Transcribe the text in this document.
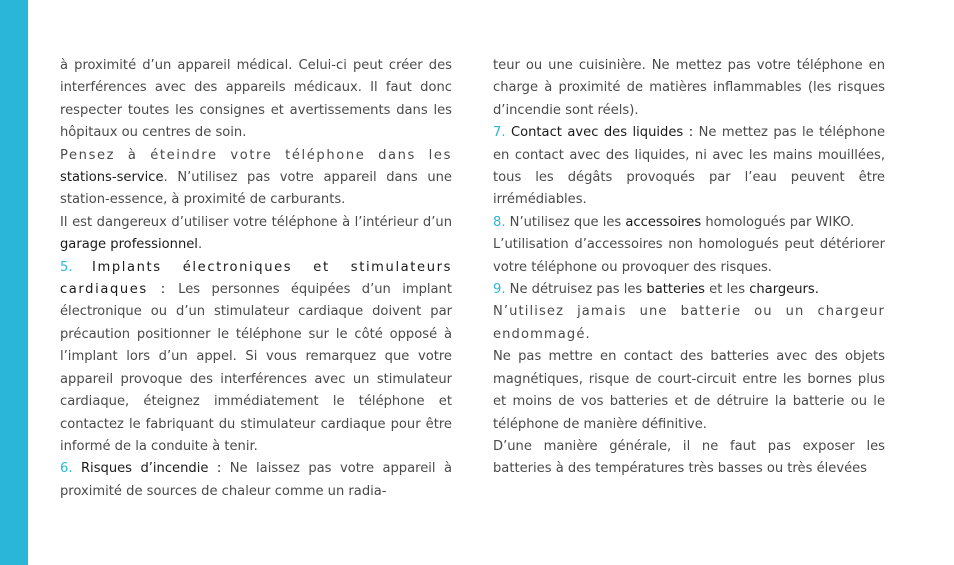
à proximité d’un appareil médical. Celui-ci peut créer des interférences avec des appareils médicaux. Il faut donc respecter toutes les consignes et avertissements dans les hôpitaux ou centres de soin.

Pensez à éteindre votre téléphone dans les stations-service. N’utilisez pas votre appareil dans une station-essence, à proximité de carburants.

Il est dangereux d’utiliser votre téléphone à l’intérieur d’un garage professionnel.

5. Implants électroniques et stimulateurs cardiaques : Les personnes équipées d’un implant électronique ou d’un stimulateur cardiaque doivent par précaution positionner le téléphone sur le côté opposé à l’implant lors d’un appel. Si vous remarquez que votre appareil provoque des interférences avec un stimulateur cardiaque, éteignez immédiatement le téléphone et contactez le fabriquant du stimulateur cardiaque pour être informé de la conduite à tenir.

6. Risques d’incendie : Ne laissez pas votre appareil à proximité de sources de chaleur comme un radia-

teur ou une cuisinière. Ne mettez pas votre téléphone en charge à proximité de matières inflammables (les risques d’incendie sont réels).

7. Contact avec des liquides : Ne mettez pas le téléphone en contact avec des liquides, ni avec les mains mouillées, tous les dégâts provoqués par l’eau peuvent être irrémédiables.

8. N’utilisez que les accessoires homologués par WIKO.

L’utilisation d’accessoires non homologués peut détériorer votre téléphone ou provoquer des risques.

9. Ne détruisez pas les batteries et les chargeurs.

N’utilisez jamais une batterie ou un chargeur endommagé.

Ne pas mettre en contact des batteries avec des objets magnétiques, risque de court-circuit entre les bornes plus et moins de vos batteries et de détruire la batterie ou le téléphone de manière définitive.

D’une manière générale, il ne faut pas exposer les batteries à des températures très basses ou très élevées
